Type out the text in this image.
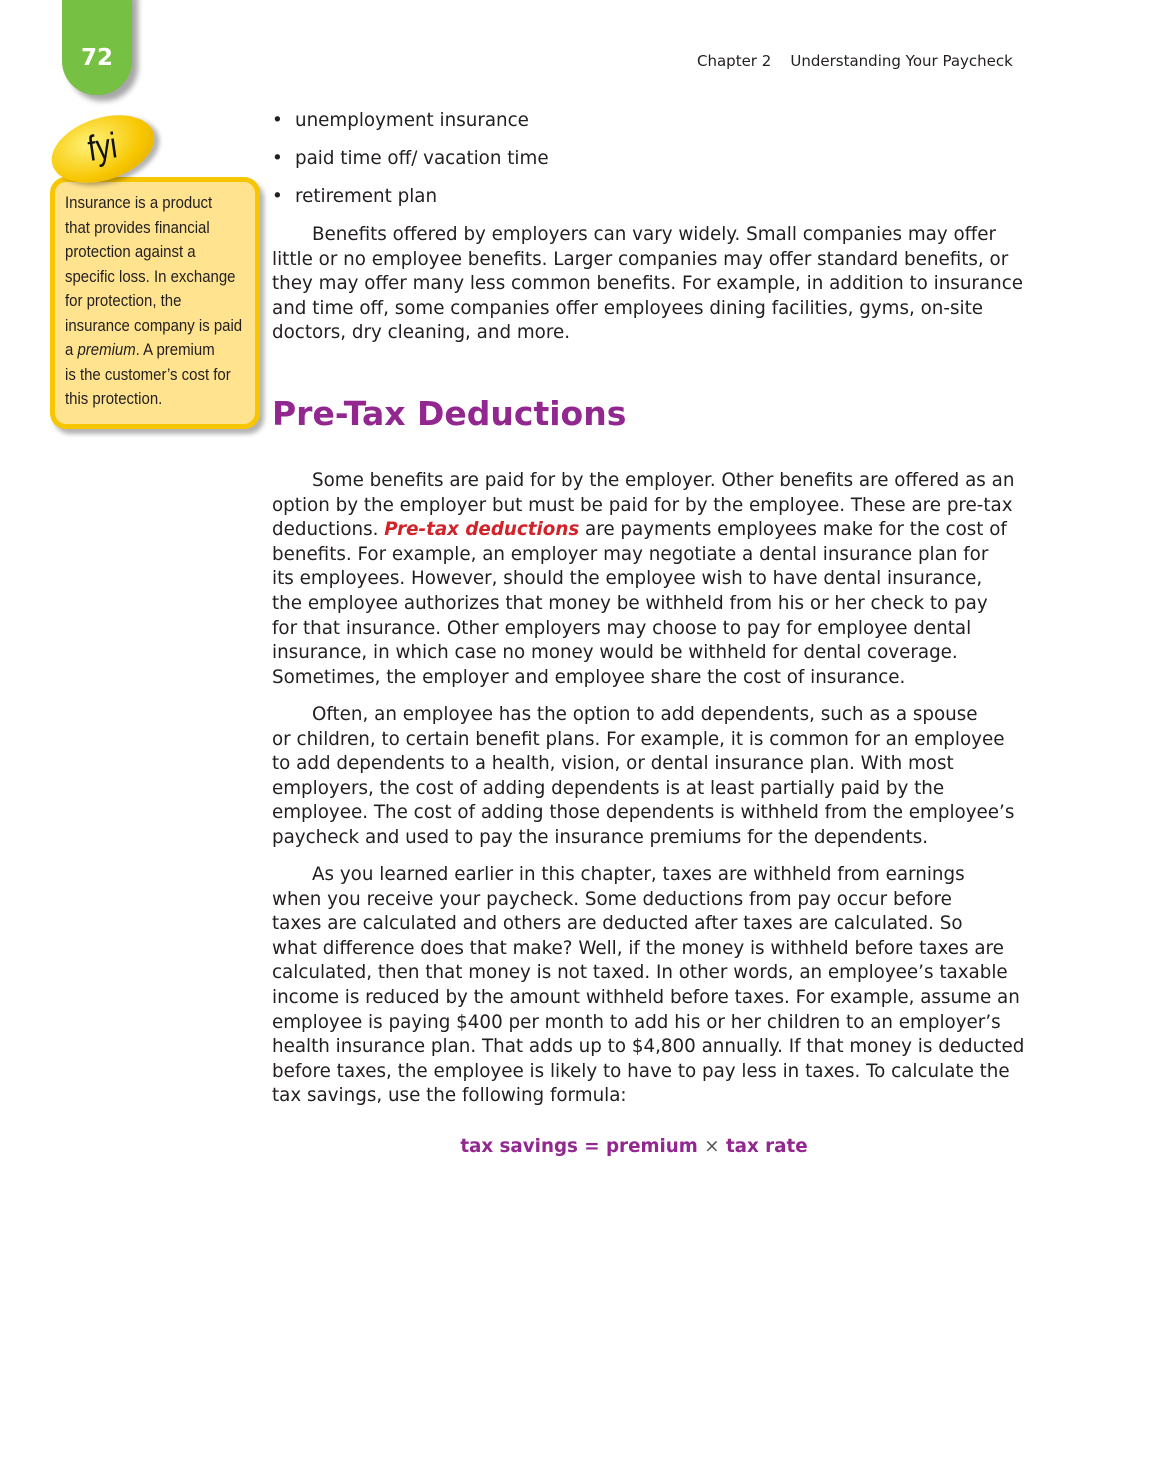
72	Chapter 2 Understanding Your Paycheck
Insurance is a product
that provides financial
protection against a
specific loss. In exchange
for protection, the
insurance company is paid
a premium. A premium
is the customer’s cost for
this protection.
fyi
• unemployment insurance
• paid time off/ vacation time
• retirement plan
Benefits offered by employers can vary widely. Small companies may offer
little or no employee benefits. Larger companies may offer standard benefits, or
they may offer many less common benefits. For example, in addition to insurance
and time off, some companies offer employees dining facilities, gyms, on-site
doctors, dry cleaning, and more.
Pre-Tax Deductions
Some benefits are paid for by the employer. Other benefits are offered as an
option by the employer but must be paid for by the employee. These are pre-tax
deductions. Pre-tax deductions are payments employees make for the cost of
benefits. For example, an employer may negotiate a dental insurance plan for
its employees. However, should the employee wish to have dental insurance,
the employee authorizes that money be withheld from his or her check to pay
for that insurance. Other employers may choose to pay for employee dental
insurance, in which case no money would be withheld for dental coverage.
Sometimes, the employer and employee share the cost of insurance.
Often, an employee has the option to add dependents, such as a spouse
or children, to certain benefit plans. For example, it is common for an employee
to add dependents to a health, vision, or dental insurance plan. With most
employers, the cost of adding dependents is at least partially paid by the
employee. The cost of adding those dependents is withheld from the employee’s
paycheck and used to pay the insurance premiums for the dependents.
As you learned earlier in this chapter, taxes are withheld from earnings
when you receive your paycheck. Some deductions from pay occur before
taxes are calculated and others are deducted after taxes are calculated. So
what difference does that make? Well, if the money is withheld before taxes are
calculated, then that money is not taxed. In other words, an employee’s taxable
income is reduced by the amount withheld before taxes. For example, assume an
employee is paying $400 per month to add his or her children to an employer’s
health insurance plan. That adds up to $4,800 annually. If that money is deducted
before taxes, the employee is likely to have to pay less in taxes. To calculate the
tax savings, use the following formula:
tax savings = premium × tax rate
